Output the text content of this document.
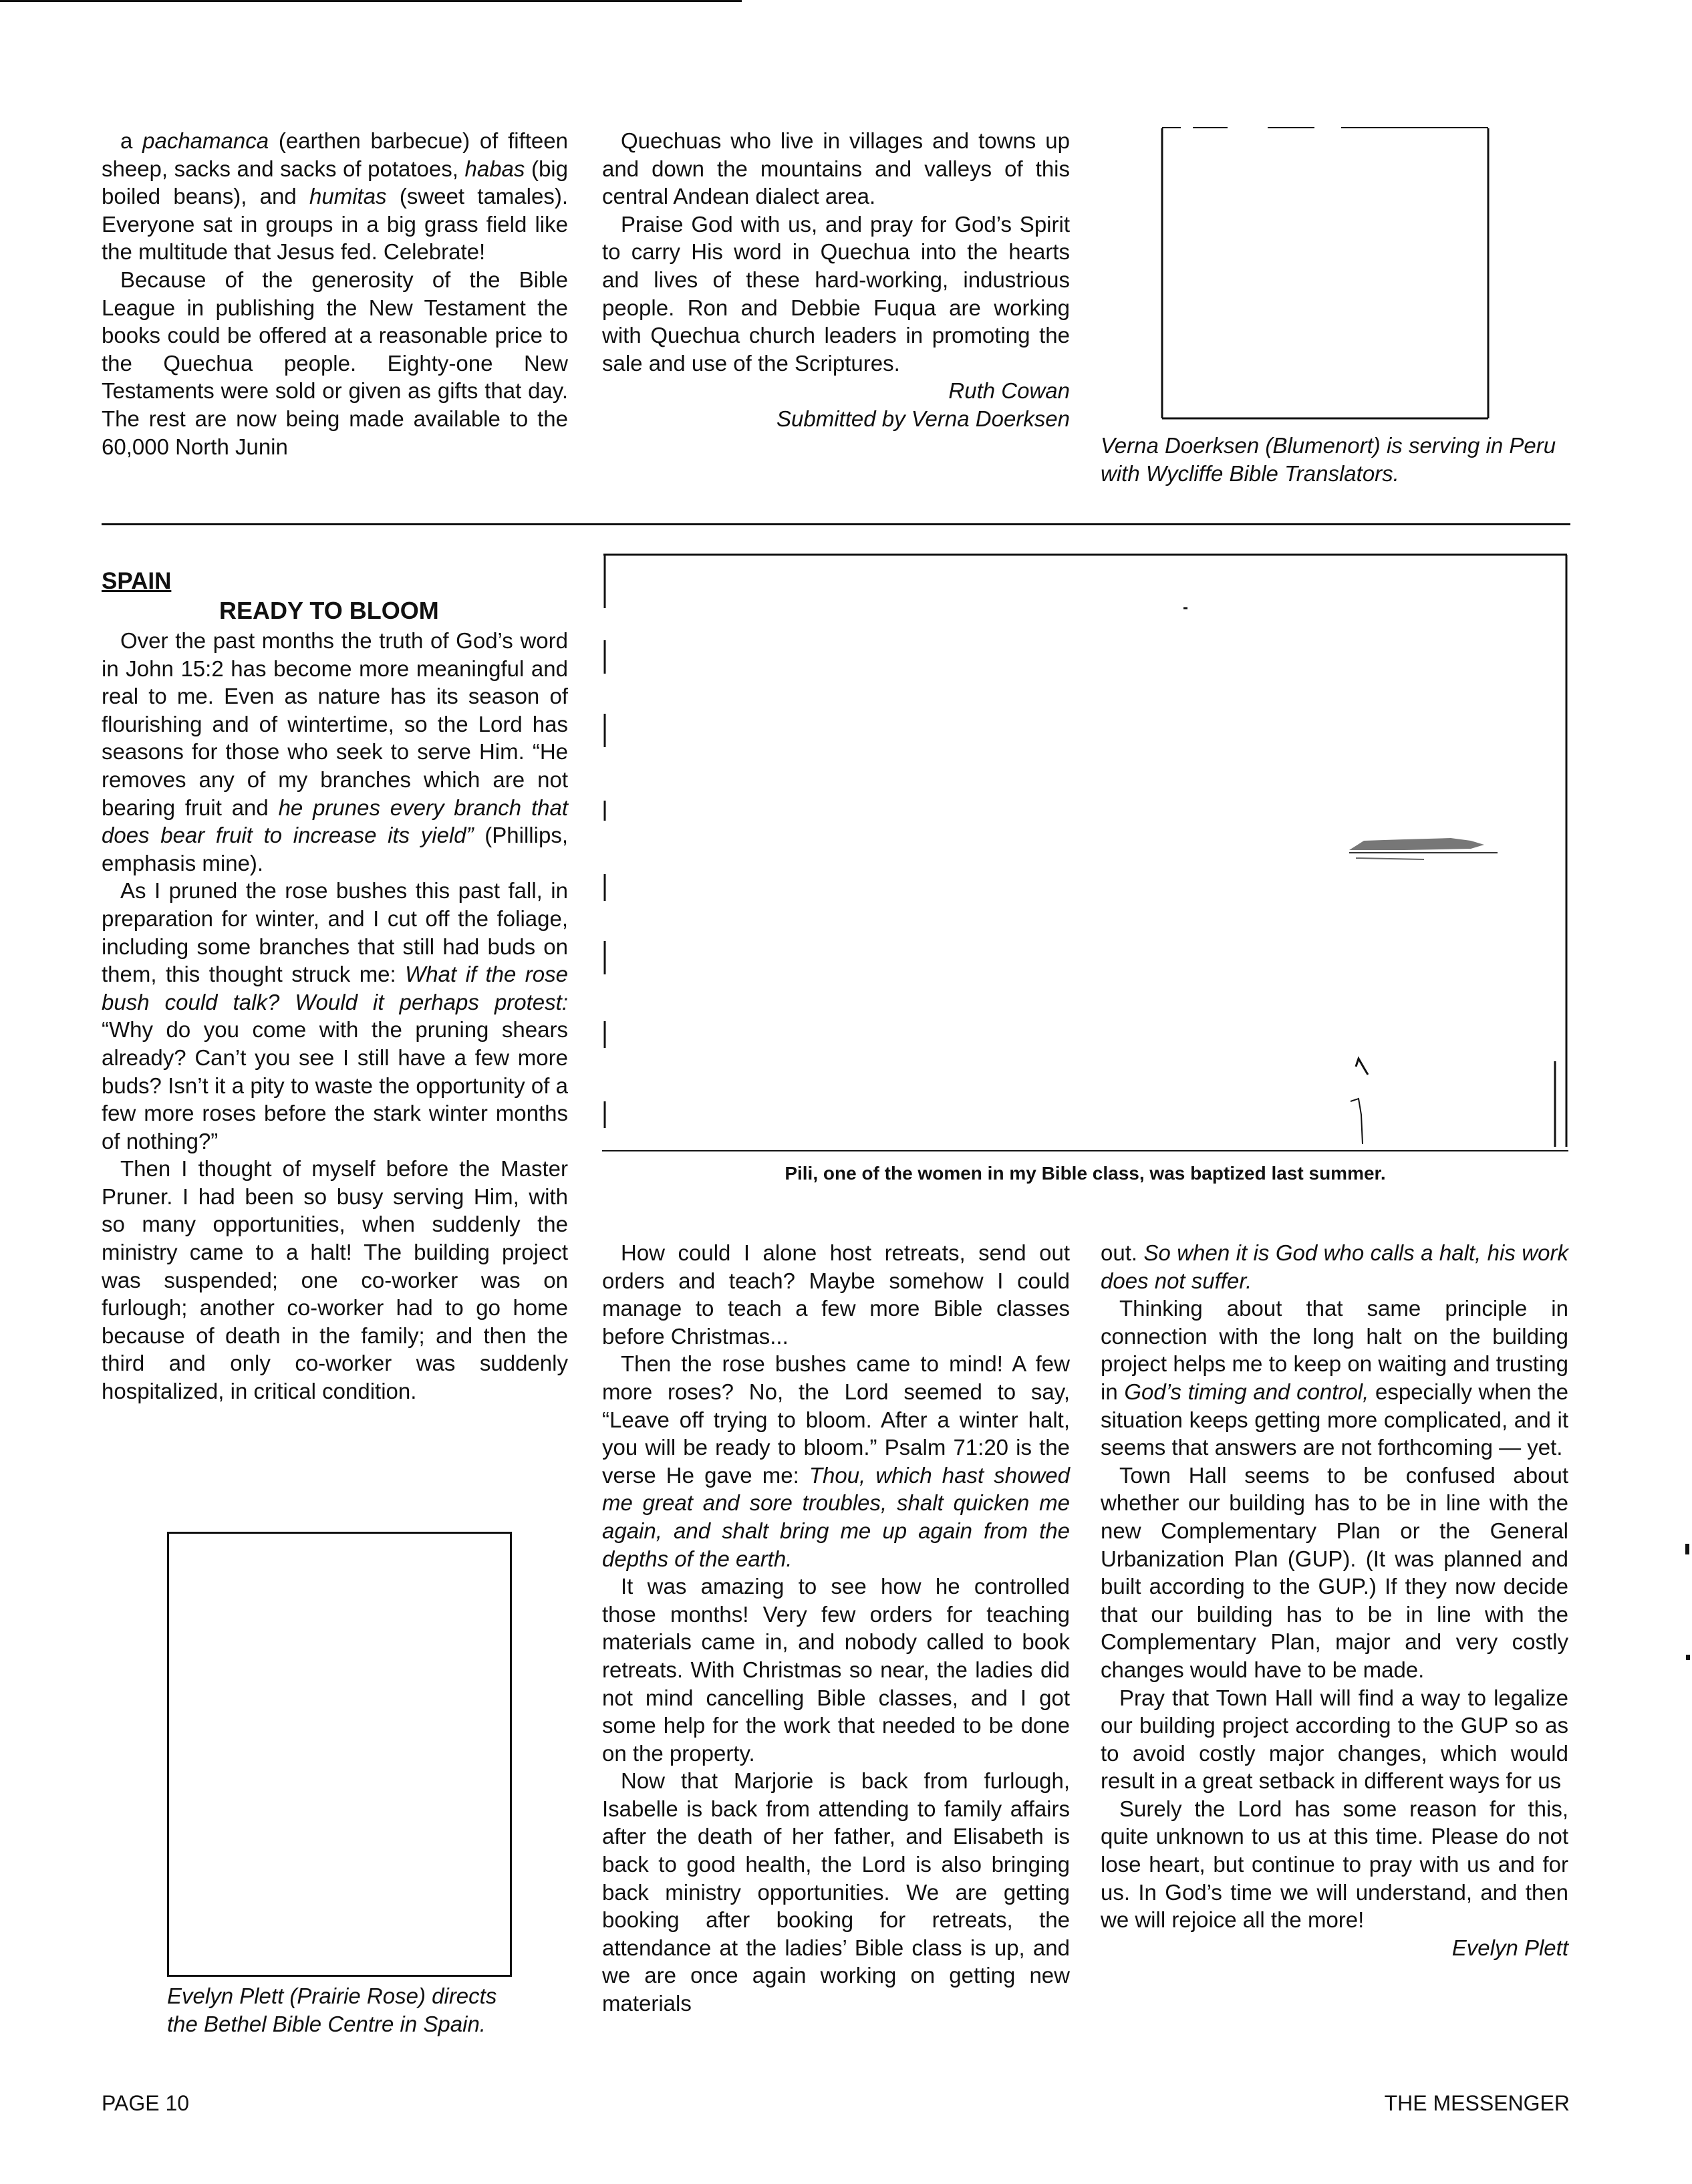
a pachamanca (earthen barbecue) of fifteen sheep, sacks and sacks of potatoes, habas (big boiled beans), and humitas (sweet tamales). Everyone sat in groups in a big grass field like the multitude that Jesus fed. Celebrate!

Because of the generosity of the Bible League in publishing the New Testament the books could be offered at a reasonable price to the Quechua people. Eighty-one New Testaments were sold or given as gifts that day. The rest are now being made available to the 60,000 North Junin

Quechuas who live in villages and towns up and down the mountains and valleys of this central Andean dialect area.

Praise God with us, and pray for God’s Spirit to carry His word in Quechua into the hearts and lives of these hard-working, industrious people. Ron and Debbie Fuqua are working with Quechua church leaders in promoting the sale and use of the Scriptures.

Ruth Cowan
Submitted by Verna Doerksen
Verna Doerksen (Blumenort) is serving in Peru with Wycliffe Bible Translators.
SPAIN
READY TO BLOOM

Over the past months the truth of God’s word in John 15:2 has become more meaningful and real to me. Even as nature has its season of flourishing and of wintertime, so the Lord has seasons for those who seek to serve Him. “He removes any of my branches which are not bearing fruit and he prunes every branch that does bear fruit to increase its yield” (Phillips, emphasis mine).

As I pruned the rose bushes this past fall, in preparation for winter, and I cut off the foliage, including some branches that still had buds on them, this thought struck me: What if the rose bush could talk? Would it perhaps protest: “Why do you come with the pruning shears already? Can’t you see I still have a few more buds? Isn’t it a pity to waste the opportunity of a few more roses before the stark winter months of nothing?”

Then I thought of myself before the Master Pruner. I had been so busy serving Him, with so many opportunities, when suddenly the ministry came to a halt! The building project was suspended; one co-worker was on furlough; another co-worker had to go home because of death in the family; and then the third and only co-worker was suddenly hospitalized, in critical condition.

Pili, one of the women in my Bible class, was baptized last summer.
Evelyn Plett (Prairie Rose) directs the Bethel Bible Centre in Spain.

How could I alone host retreats, send out orders and teach? Maybe somehow I could manage to teach a few more Bible classes before Christmas...

Then the rose bushes came to mind! A few more roses? No, the Lord seemed to say, “Leave off trying to bloom. After a winter halt, you will be ready to bloom.” Psalm 71:20 is the verse He gave me: Thou, which hast showed me great and sore troubles, shalt quicken me again, and shalt bring me up again from the depths of the earth.

It was amazing to see how he controlled those months! Very few orders for teaching materials came in, and nobody called to book retreats. With Christmas so near, the ladies did not mind cancelling Bible classes, and I got some help for the work that needed to be done on the property.

Now that Marjorie is back from furlough, Isabelle is back from attending to family affairs after the death of her father, and Elisabeth is back to good health, the Lord is also bringing back ministry opportunities. We are getting booking after booking for retreats, the attendance at the ladies’ Bible class is up, and we are once again working on getting new materials

out. So when it is God who calls a halt, his work does not suffer.

Thinking about that same principle in connection with the long halt on the building project helps me to keep on waiting and trusting in God’s timing and control, especially when the situation keeps getting more complicated, and it seems that answers are not forthcoming — yet.

Town Hall seems to be confused about whether our building has to be in line with the new Complementary Plan or the General Urbanization Plan (GUP). (It was planned and built according to the GUP.) If they now decide that our building has to be in line with the Complementary Plan, major and very costly changes would have to be made.

Pray that Town Hall will find a way to legalize our building project according to the GUP so as to avoid costly major changes, which would result in a great setback in different ways for us

Surely the Lord has some reason for this, quite unknown to us at this time. Please do not lose heart, but continue to pray with us and for us. In God’s time we will understand, and then we will rejoice all the more!

Evelyn Plett
PAGE 10	THE MESSENGER
